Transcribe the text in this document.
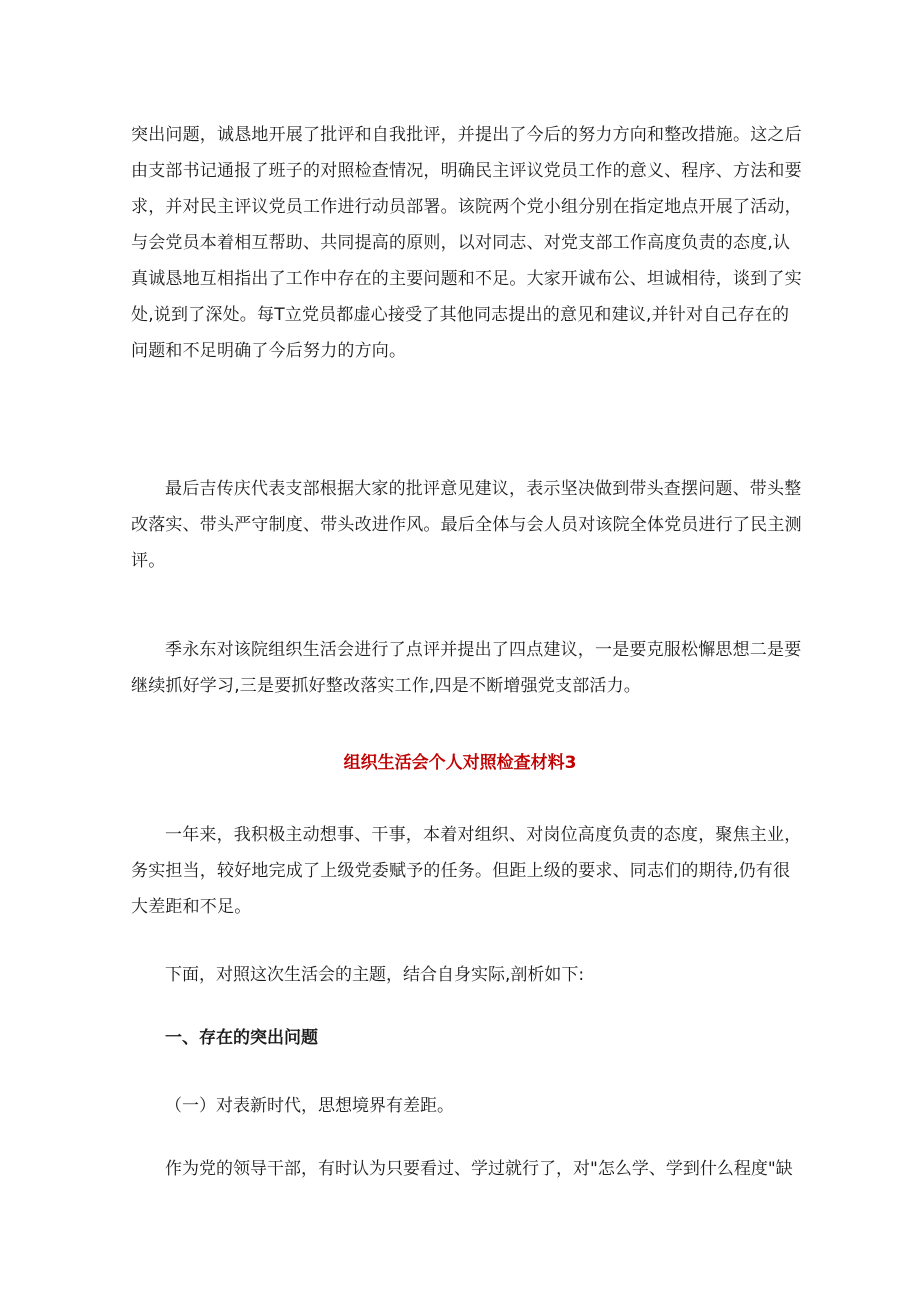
突出问题，诚恳地开展了批评和自我批评，并提出了今后的努力方向和整改措施。这之后
由支部书记通报了班子的对照检查情况，明确民主评议党员工作的意义、程序、方法和要
求，并对民主评议党员工作进行动员部署。该院两个党小组分别在指定地点开展了活动，
与会党员本着相互帮助、共同提高的原则，以对同志、对党支部工作高度负责的态度,认
真诚恳地互相指出了工作中存在的主要问题和不足。大家开诚布公、坦诚相待，谈到了实
处,说到了深处。每T立党员都虚心接受了其他同志提出的意见和建议,并针对自己存在的
问题和不足明确了今后努力的方向。
最后吉传庆代表支部根据大家的批评意见建议，表示坚决做到带头查摆问题、带头整
改落实、带头严守制度、带头改进作风。最后全体与会人员对该院全体党员进行了民主测
评。
季永东对该院组织生活会进行了点评并提出了四点建议，一是要克服松懈思想二是要
继续抓好学习,三是要抓好整改落实工作,四是不断增强党支部活力。
组织生活会个人对照检查材料3
一年来，我积极主动想事、干事，本着对组织、对岗位高度负责的态度，聚焦主业，
务实担当，较好地完成了上级党委赋予的任务。但距上级的要求、同志们的期待,仍有很
大差距和不足。
下面，对照这次生活会的主题，结合自身实际,剖析如下:
一、存在的突出问题
（一）对表新时代，思想境界有差距。
作为党的领导干部，有时认为只要看过、学过就行了，对"怎么学、学到什么程度"缺
